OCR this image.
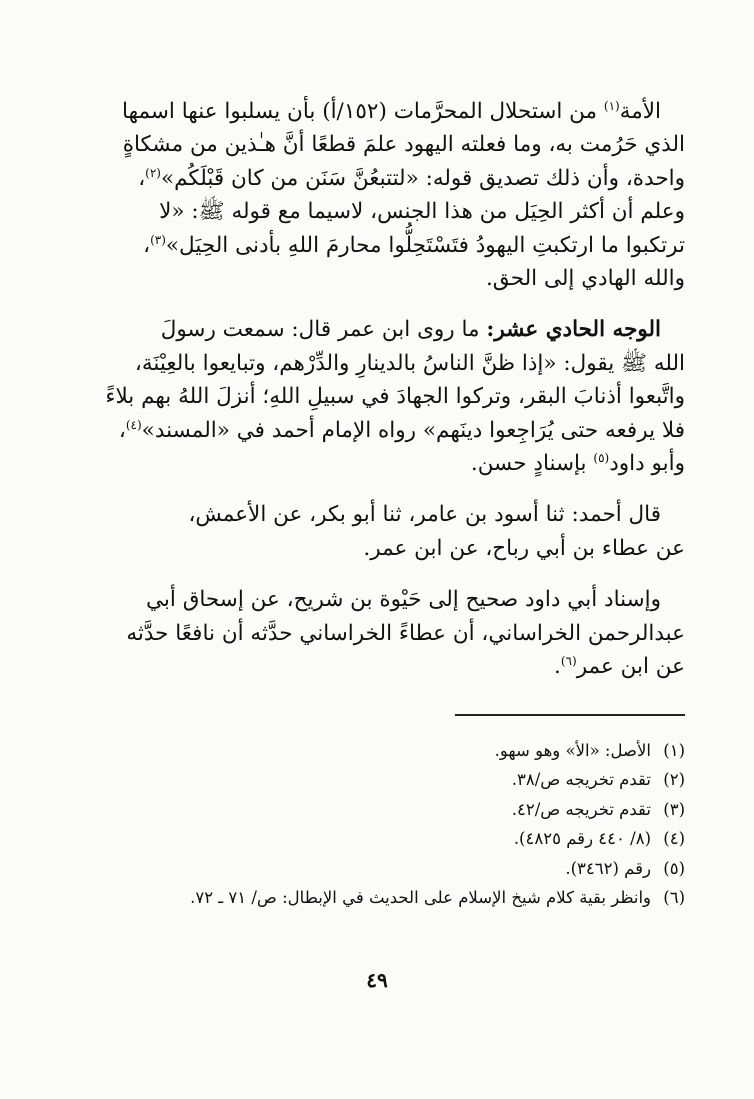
الأمة$^{(١)}$ من استحلال المحرَّمات (١٥٢/أ) بأن يسلبوا عنها اسمها
الذي حَرُمت به، وما فعلته اليهود علمَ قطعًا أنَّ هـٰذين من مشكاةٍ
واحدة، وأن ذلك تصديق قوله: «لتتبعُنَّ سَنَن من كان قَبْلَكُم»$^{(٢)}$،
وعلم أن أكثر الحِيَل من هذا الجنس، لاسيما مع قوله ﷺ: «لا
ترتكبوا ما ارتكبتِ اليهودُ فتَسْتَحِلُّوا محارمَ اللهِ بأدنى الحِيَل»$^{(٣)}$،
والله الهادي إلى الحق.

الوجه الحادي عشر: ما روى ابن عمر قال: سمعت رسولَ
الله ﷺ يقول: «إذا ظنَّ الناسُ بالدينارِ والدِّرْهم، وتبايعوا بالعِيْنَة،
واتَّبعوا أذنابَ البقر، وتركوا الجهادَ في سبيلِ اللهِ؛ أنزلَ اللهُ بهم بلاءً
فلا يرفعه حتى يُرَاجِعوا دينَهم» رواه الإمام أحمد في «المسند»$^{(٤)}$،
وأبو داود$^{(٥)}$ بإسنادٍ حسن.

قال أحمد: ثنا أسود بن عامر، ثنا أبو بكر، عن الأعمش،
عن عطاء بن أبي رباح، عن ابن عمر.

وإسناد أبي داود صحيح إلى حَيْوة بن شريح، عن إسحاق أبي
عبدالرحمن الخراساني، أن عطاءً الخراساني حدَّثه أن نافعًا حدَّثه
عن ابن عمر$^{(٦)}$.

(١)الأصل: «الأ» وهو سهو.
(٢)تقدم تخريجه ص/٣٨.
(٣)تقدم تخريجه ص/٤٢.
(٤)(٨/ ٤٤٠ رقم ٤٨٢٥).
(٥)رقم (٣٤٦٢).
(٦)وانظر بقية كلام شيخ الإسلام على الحديث في الإبطال: ص/ ٧١ ـ ٧٢.
٤٩
